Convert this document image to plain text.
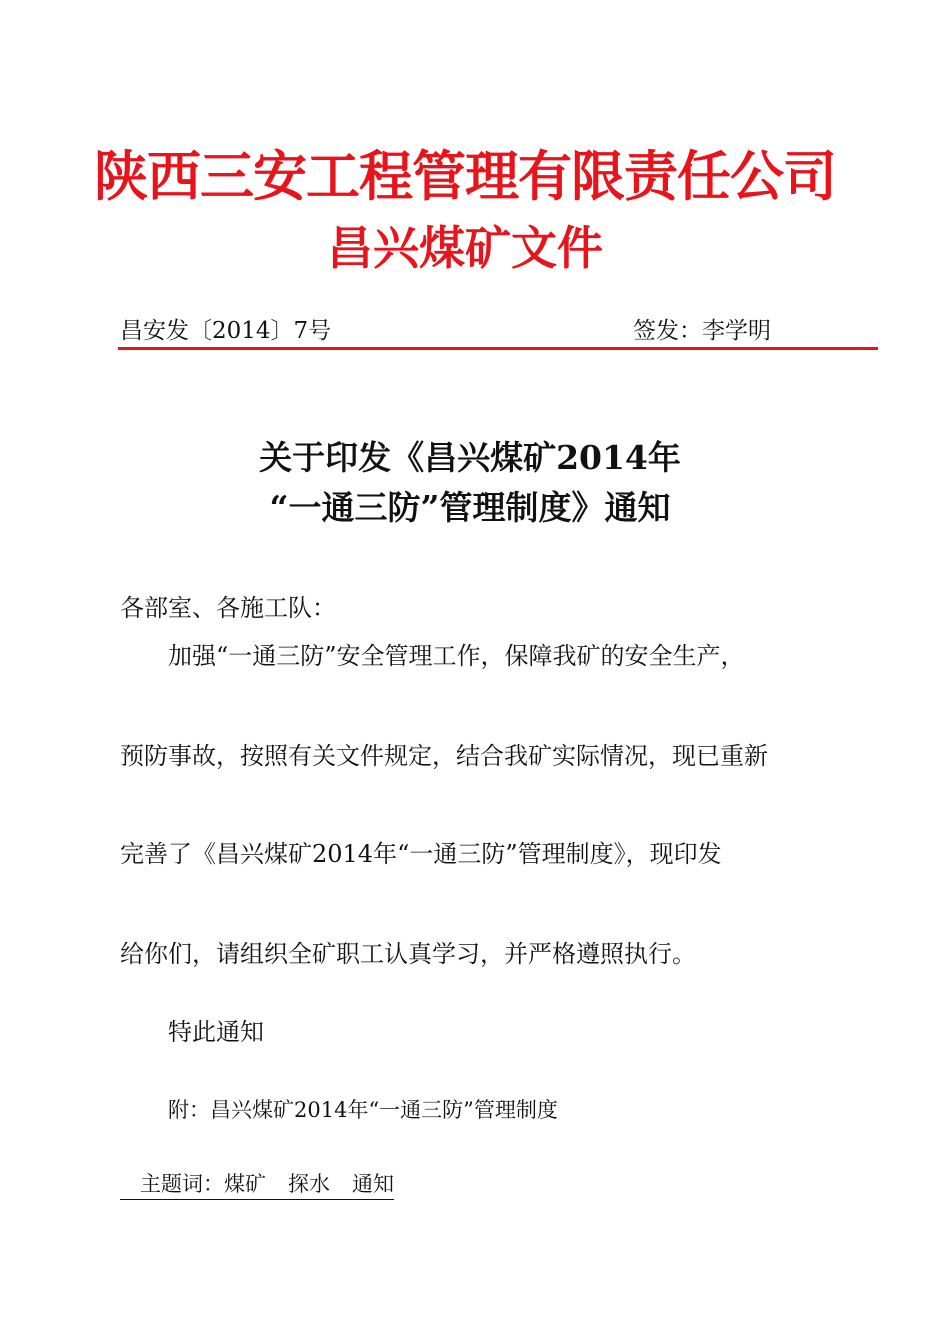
陕西三安工程管理有限责任公司
昌兴煤矿文件
昌安发〔2014〕7号	签发：李学明
关于印发《昌兴煤矿2014年
“一通三防”管理制度》通知
各部室、各施工队：
加强“一通三防”安全管理工作，保障我矿的安全生产，
预防事故，按照有关文件规定，结合我矿实际情况，现已重新
完善了《昌兴煤矿2014年“一通三防”管理制度》，现印发
给你们，请组织全矿职工认真学习，并严格遵照执行。
特此通知
附：昌兴煤矿2014年“一通三防”管理制度
主题词：煤矿 探水 通知
